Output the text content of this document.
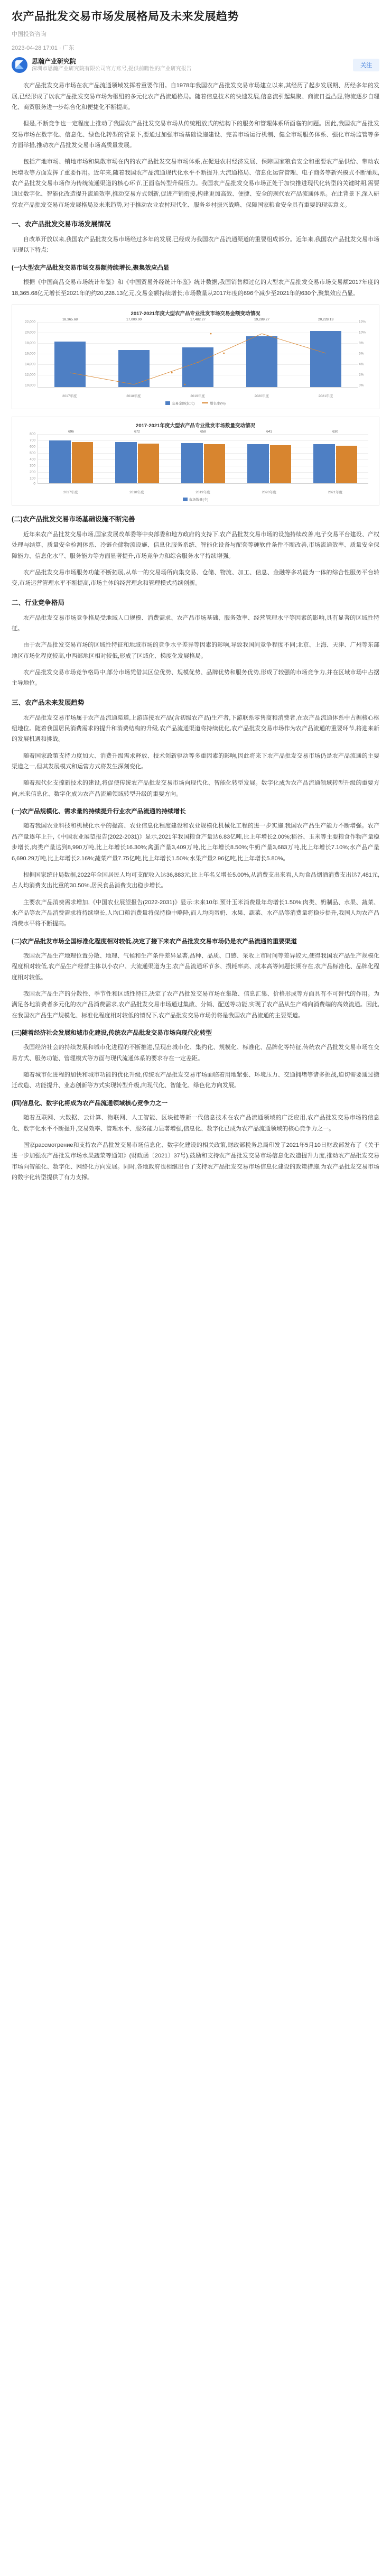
农产品批发交易市场发展格局及未来发展趋势
中国投资咨询
2023-04-28 17:01 · 广东
思瀚产业研究院
深圳市思瀚产业研究院有限公司官方账号,提供前瞻性的产业研究报告
关注

农产品批发交易市场在农产品流通领域发挥着重要作用。自1978年我国农产品批发交易市场建立以来,其经历了起步发展期、历经多年的发展,已经形成了以农产品批发交易市场为枢纽的多元化农产品流通格局。随着信息技术的快速发展,信息流引起集聚、商流日益凸显,物流逐步自理化、商贸服务进一步综合化和便捷化不断提高。

但是,不断竞争也一定程度上推动了我国农产品批发交易市场从传统粗放式的结构下的服务和管理体系所面临的问题。因此,我国农产品批发交易市场在数字化、信息化、绿色化转型的背景下,要通过加强市场基础设施建设、完善市场运行机制、健全市场服务体系、强化市场监管等多方面举措,推动农产品批发交易市场高质量发展。

包括产地市场、销地市场和集散市场在内的农产品批发交易市场体系,在促进农村经济发展、保障国家粮食安全和重要农产品供给、带动农民增收等方面发挥了重要作用。近年来,随着我国农产品流通现代化水平不断提升,大流通格局、信息化运营管理、电子商务等新兴模式不断涌现,农产品批发交易市场作为传统流通渠道的核心环节,正面临转型升级压力。我国农产品批发交易市场正处于加快推进现代化转型的关键时期,需要通过数字化、智能化改造提升流通效率,推动交易方式创新,促进产销衔接,构建更加高效、便捷、安全的现代农产品流通体系。在此背景下,深入研究农产品批发交易市场发展格局及未来趋势,对于推动农业农村现代化、服务乡村振兴战略、保障国家粮食安全具有重要的现实意义。

一、农产品批发交易市场发展情况

自改革开放以来,我国农产品批发交易市场经过多年的发展,已经成为我国农产品流通渠道的重要组成部分。近年来,我国农产品批发交易市场呈现以下特点:

(一)大型农产品批发交易市场交易额持续增长,聚集效应凸显

根据《中国商品交易市场统计年鉴》和《中国贸易外经统计年鉴》统计数据,我国销售额过亿的大型农产品批发交易市场交易额2017年度的18,365.68亿元增长至2021年的约20,228.13亿元,交易金额持续增长;市场数量从2017年度的696个减少至2021年的630个,聚集效应凸显。

2017-2021年度大型农产品专业批发市场交易金额变动情况
22,000
20,000
18,000
16,000
14,000
12,000
10,000
12%
10%
8%
6%
4%
2%
0%
18,365.68	17,000.00	17,482.27	19,289.27	20,228.13
2017年度	2018年度	2019年度	2020年度	2021年度
交易金额(亿元)	增长率(%)
2017-2021年度大型农产品专业批发市场数量变动情况
800
700
600
500
400
300
200
100
0
696	672	658	641	630
2017年度	2018年度	2019年度	2020年度	2021年度
市场数量(个)
(二)农产品批发交易市场基础设施不断完善

近年来农产品批发交易市场,国家发展改革委等中央部委和地方政府的支持下,农产品批发交易市场的设施持续改善,电子交易平台建设、产权处理与结算、质量安全检测体系、冷链仓储物流设施、信息化服务系统、智能化设备与配套等硬软件条件不断改善,市场流通效率、质量安全保障能力、信息化水平、服务能力等方面显著提升,市场竞争力和综合服务水平持续增强。

农产品批发交易市场服务功能不断拓展,从单一的交易场所向集交易、仓储、物流、加工、信息、金融等多功能为一体的综合性服务平台转变,市场运营管理水平不断提高,市场主体的经营理念和管理模式持续创新。

二、行业竞争格局

农产品批发交易市场竞争格局受地域人口规模、消费需求、农产品市场基础、服务效率、经营管理水平等因素的影响,具有显著的区域性特征。

由于农产品批发交易市场的区域性特征和地域市场的竞争水平差异等因素的影响,导致我国间竞争程度不同;北京、上海、天津、广州等东部地区市场化程度较高,中西部地区相对较低,形成了区域化、梯度化发展格局。

农产品批发交易市场竞争格局中,部分市场凭借其区位优势、规模优势、品牌优势和服务优势,形成了较强的市场竞争力,并在区域市场中占据主导地位。

三、农产品未来发展趋势

农产品批发交易市场属于农产品流通渠道,上游连接农产品(含初级农产品)生产者,下游联系零售商和消费者,在农产品流通体系中占据核心枢纽地位。随着我国居民消费需求的提升和消费结构的升级,农产品流通渠道将持续优化,农产品批发交易市场作为农产品流通的重要环节,将迎来新的发展机遇和挑战。

随着国家政策支持力度加大、消费升级需求释放、技术创新驱动等多重因素的影响,因此将来下农产品批发交易市场仍是农产品流通的主要渠道之一,但其发展模式和运营方式将发生深刻变化。

随着现代化支撑新技术的建设,将促使传统农产品批发交易市场向现代化、智能化转型发展。数字化成为农产品流通领域转型升级的重要方向,未来信息化、数字化成为农产品流通领域转型升级的重要方向。

(一)农产品规模化、需求量的持续提升行业农产品流通的持续增长

随着我国农业科技和机械化水平的提高、农业信息化程度建设和农业规模化机械化工程的进一步实施,我国农产品生产能力不断增强。农产品产量逐年上升,《中国农业展望报告(2022-2031)》显示,2021年我国粮食产量达6.83亿吨,比上年增长2.00%;稻谷、玉米等主要粮食作物产量稳步增长,肉类产量达到8,990万吨,比上年增长16.30%;禽蛋产量3,409万吨,比上年增长8.50%;牛奶产量3,683万吨,比上年增长7.10%;水产品产量6,690.29万吨,比上年增长2.16%;蔬菜产量7.75亿吨,比上年增长1.50%;水果产量2.96亿吨,比上年增长5.80%。

根据国家统计局数据,2022年全国居民人均可支配收入达36,883元,比上年名义增长5.00%,从消费支出来看,人均食品烟酒消费支出达7,481元,占人均消费支出比重的30.50%,居民食品消费支出稳步增长。

主要农产品消费需求增加,《中国农业展望报告(2022-2031)》显示:未来10年,预计玉米消费量年均增长1.50%;肉类、奶制品、水果、蔬菜、水产品等农产品消费需求将持续增长,人均口粮消费量将保持稳中略降,而人均肉蛋奶、水果、蔬菜、水产品等消费量将稳步提升,我国人均农产品消费水平将不断提高。

(二)农产品批发市场全国标准化程度相对较低,决定了接下来农产品批发交易市场仍是农产品流通的重要渠道

我国农产品生产地理位置分散、地理、气候和生产条件差异显著,品种、品质、口感、采收上市时间等差异较大,使得我国农产品生产规模化程度相对较低,农产品生产经营主体以小农户、大流通渠道为主,农产品流通环节多、损耗率高、成本高等问题长期存在,农产品标准化、品牌化程度相对较低。

我国农产品生产的分散性、季节性和区域性特征,决定了农产品批发交易市场在集散、信息汇集、价格形成等方面具有不可替代的作用。为满足各地消费者多元化的农产品消费需求,农产品批发交易市场通过集散、分销、配送等功能,实现了农产品从生产端向消费端的高效流通。因此,在我国农产品生产规模化、标准化程度相对较低的情况下,农产品批发交易市场仍将是我国农产品流通的主要渠道。

(三)随着经济社会发展和城市化建设,传统农产品批发交易市场向现代化转型

我国经济社会的持续发展和城市化进程的不断推进,呈现出城市化、集约化、规模化、标准化、品牌化等特征,传统农产品批发交易市场在交易方式、服务功能、管理模式等方面与现代流通体系的要求存在一定差距。

随着城市化进程的加快和城市功能的优化升级,传统农产品批发交易市场面临着用地紧张、环境压力、交通拥堵等诸多挑战,迫切需要通过搬迁改造、功能提升、业态创新等方式实现转型升级,向现代化、智能化、绿色化方向发展。

(四)信息化、数字化将成为农产品流通领域核心竞争力之一

随着互联网、大数据、云计算、物联网、人工智能、区块链等新一代信息技术在农产品流通领域的广泛应用,农产品批发交易市场的信息化、数字化水平不断提升,交易效率、管理水平、服务能力显著增强,信息化、数字化已成为农产品流通领域的核心竞争力之一。

国家рассмотрение和支持农产品批发交易市场信息化、数字化建设的相关政策,财政部税务总局印发了2021年5月10日财政部发布了《关于进一步加强农产品批发市场水果蔬菜等通知》(财政函〔2021〕37号),鼓励和支持农产品批发交易市场信息化改造提升力度,推动农产品批发交易市场向智能化、数字化、网络化方向发展。同时,各地政府也相继出台了支持农产品批发交易市场信息化建设的政策措施,为农产品批发交易市场的数字化转型提供了有力支撑。
